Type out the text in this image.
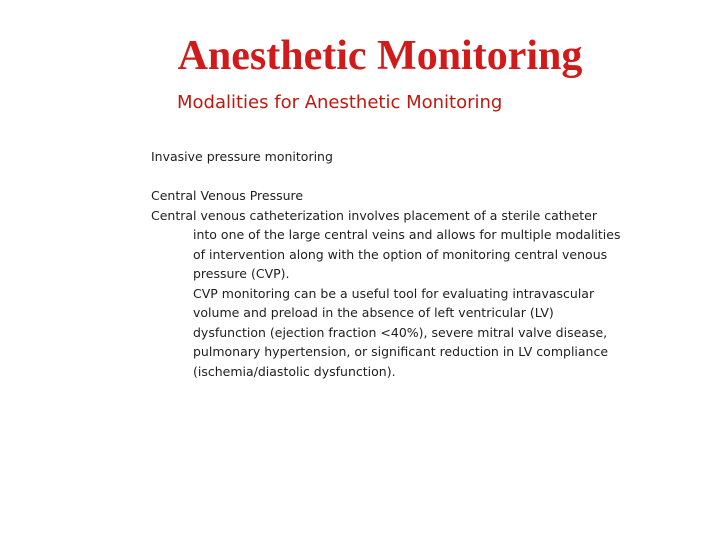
Anesthetic Monitoring
Modalities for Anesthetic Monitoring

Invasive pressure monitoring

Central Venous Pressure

Central venous catheterization involves placement of a sterile catheter into one of the large central veins and allows for multiple modalities of intervention along with the option of monitoring central venous pressure (CVP).

CVP monitoring can be a useful tool for evaluating intravascular volume and preload in the absence of left ventricular (LV) dysfunction (ejection fraction <40%), severe mitral valve disease, pulmonary hypertension, or significant reduction in LV compliance (ischemia/diastolic dysfunction).
